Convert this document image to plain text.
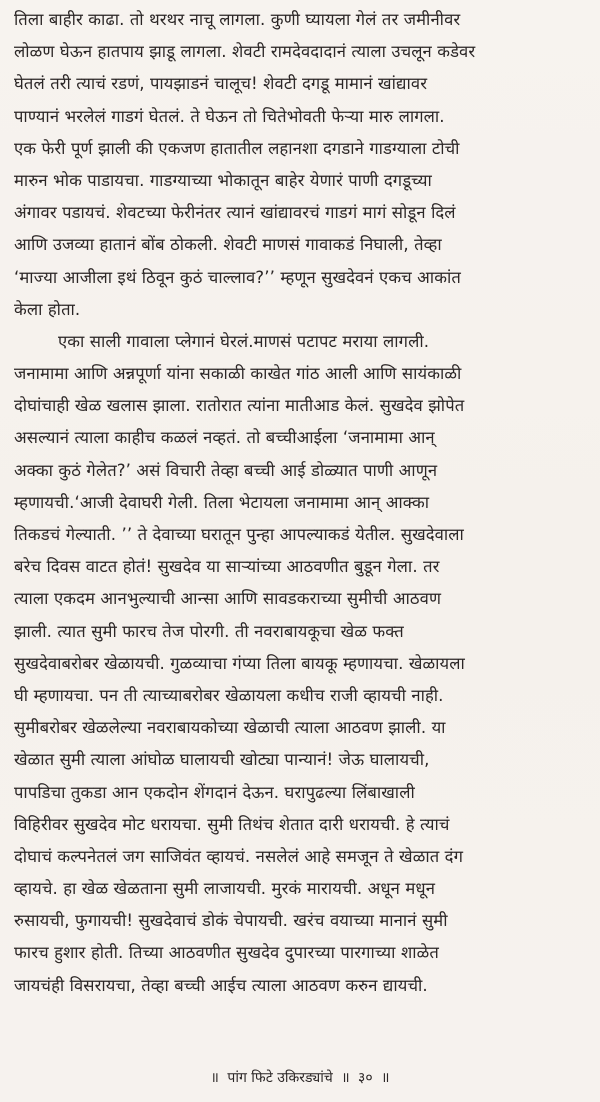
तिला बाहीर काढा. तो थरथर नाचू लागला. कुणी घ्यायला गेलं तर जमीनीवर
लोळण घेऊन हातपाय झाडू लागला. शेवटी रामदेवदादानं त्याला उचलून कडेवर
घेतलं तरी त्याचं रडणं, पायझाडनं चालूच! शेवटी दगडू मामानं खांद्यावर
पाण्यानं भरलेलं गाडगं घेतलं. ते घेऊन तो चितेभोवती फेऱ्या मारु लागला.
एक फेरी पूर्ण झाली की एकजण हातातील लहानशा दगडाने गाडग्याला टोची
मारुन भोक पाडायचा. गाडग्याच्या भोकातून बाहेर येणारं पाणी दगडूच्या
अंगावर पडायचं. शेवटच्या फेरीनंतर त्यानं खांद्यावरचं गाडगं मागं सोडून दिलं
आणि उजव्या हातानं बोंब ठोकली. शेवटी माणसं गावाकडं निघाली, तेव्हा
‘माज्या आजीला इथं ठिवून कुठं चाल्लाव?’’ म्हणून सुखदेवनं एकच आकांत
केला होता.
एका साली गावाला प्लेगानं घेरलं.माणसं पटापट मराया लागली.
जनामामा आणि अन्नपूर्णा यांना सकाळी काखेत गांठ आली आणि सायंकाळी
दोघांचाही खेळ खलास झाला. रातोरात त्यांना मातीआड केलं. सुखदेव झोपेत
असल्यानं त्याला काहीच कळलं नव्हतं. तो बच्चीआईला ‘जनामामा आन्
अक्का कुठं गेलेत?’ असं विचारी तेव्हा बच्ची आई डोळ्यात पाणी आणून
म्हणायची.‘आजी देवाघरी गेली. तिला भेटायला जनामामा आन् आक्का
तिकडचं गेल्याती. ’’ ते देवाच्या घरातून पुन्हा आपल्याकडं येतील. सुखदेवाला
बरेच दिवस वाटत होतं! सुखदेव या साऱ्यांच्या आठवणीत बुडून गेला. तर
त्याला एकदम आनभुल्याची आन्सा आणि सावडकराच्या सुमीची आठवण
झाली. त्यात सुमी फारच तेज पोरगी. ती नवराबायकूचा खेळ फक्त
सुखदेवाबरोबर खेळायची. गुळव्याचा गंप्या तिला बायकू म्हणायचा. खेळायला
घी म्हणायचा. पन ती त्याच्याबरोबर खेळायला कधीच राजी व्हायची नाही.
सुमीबरोबर खेळलेल्या नवराबायकोच्या खेळाची त्याला आठवण झाली. या
खेळात सुमी त्याला आंघोळ घालायची खोट्या पान्यानं! जेऊ घालायची,
पापडिचा तुकडा आन एकदोन शेंगदानं देऊन. घरापुढल्या लिंबाखाली
विहिरीवर सुखदेव मोट धरायचा. सुमी तिथंच शेतात दारी धरायची. हे त्याचं
दोघाचं कल्पनेतलं जग साजिवंत व्हायचं. नसलेलं आहे समजून ते खेळात दंग
व्हायचे. हा खेळ खेळताना सुमी लाजायची. मुरकं मारायची. अधून मधून
रुसायची, फुगायची! सुखदेवाचं डोकं चेपायची. खरंच वयाच्या मानानं सुमी
फारच हुशार होती. तिच्या आठवणीत सुखदेव दुपारच्या पारगाच्या शाळेत
जायचंही विसरायचा, तेव्हा बच्ची आईच त्याला आठवण करुन द्यायची.
॥ पांग फिटे उकिरड्यांचे ॥ ३० ॥
